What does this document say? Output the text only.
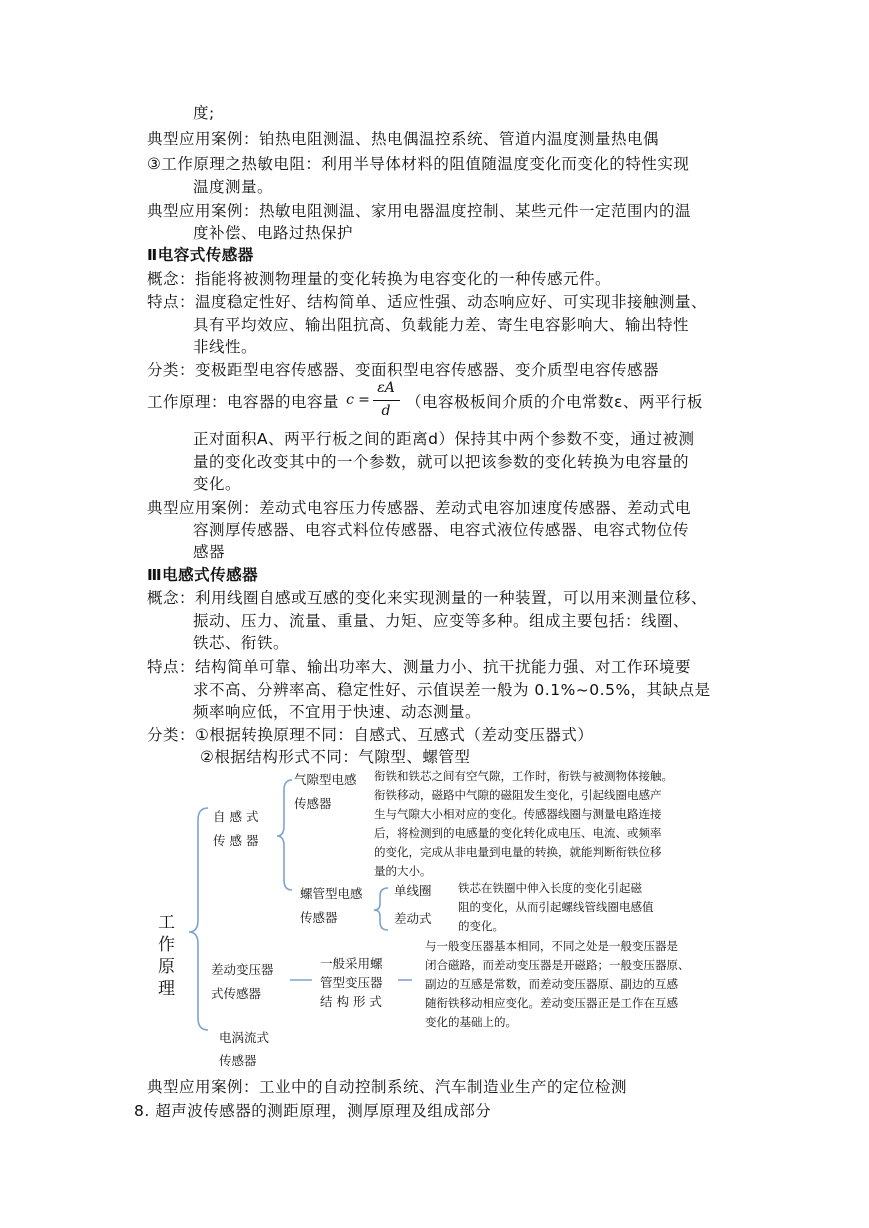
度;
典型应用案例：铂热电阻测温、热电偶温控系统、管道内温度测量热电偶
③工作原理之热敏电阻：利用半导体材料的阻值随温度变化而变化的特性实现
温度测量。
典型应用案例：热敏电阻测温、家用电器温度控制、某些元件一定范围内的温
度补偿、电路过热保护
Ⅱ电容式传感器
概念：指能将被测物理量的变化转换为电容变化的一种传感元件。
特点：温度稳定性好、结构简单、适应性强、动态响应好、可实现非接触测量、
具有平均效应、输出阻抗高、负载能力差、寄生电容影响大、输出特性
非线性。
分类：变极距型电容传感器、变面积型电容传感器、变介质型电容传感器
工作原理：电容器的电容量 c =
εA
d	（电容极板间介质的介电常数ε、两平行板
正对面积A、两平行板之间的距离d）保持其中两个参数不变，通过被测
量的变化改变其中的一个参数，就可以把该参数的变化转换为电容量的
变化。
典型应用案例：差动式电容压力传感器、差动式电容加速度传感器、差动式电
容测厚传感器、电容式料位传感器、电容式液位传感器、电容式物位传
感器
Ⅲ电感式传感器
概念：利用线圈自感或互感的变化来实现测量的一种装置，可以用来测量位移、
振动、压力、流量、重量、力矩、应变等多种。组成主要包括：线圈、
铁芯、衔铁。
特点：结构简单可靠、输出功率大、测量力小、抗干扰能力强、对工作环境要
求不高、分辨率高、稳定性好、示值误差一般为 0.1%~0.5%，其缺点是
频率响应低，不宜用于快速、动态测量。
分类：①根据转换原理不同：自感式、互感式（差动变压器式）
②根据结构形式不同：气隙型、螺管型
工
作
原
理
自 感 式
传 感 器
气隙型电感
传感器
衔铁和铁芯之间有空气隙，工作时，衔铁与被测物体接触。
衔铁移动，磁路中气隙的磁阻发生变化，引起线圈电感产
生与气隙大小相对应的变化。传感器线圈与测量电路连接
后，将检测到的电感量的变化转化成电压、电流、或频率
的变化，完成从非电量到电量的转换，就能判断衔铁位移
量的大小。
螺管型电感
传感器
单线圈
差动式
铁芯在铁圈中伸入长度的变化引起磁
阻的变化，从而引起螺线管线圈电感值
的变化。
差动变压器
式传感器
一般采用螺
管型变压器
结 构 形 式
与一般变压器基本相同，不同之处是一般变压器是
闭合磁路，而差动变压器是开磁路；一般变压器原、
副边的互感是常数，而差动变压器原、副边的互感
随衔铁移动相应变化。差动变压器正是工作在互感
变化的基础上的。
电涡流式
传感器
典型应用案例：工业中的自动控制系统、汽车制造业生产的定位检测
8. 超声波传感器的测距原理，测厚原理及组成部分
